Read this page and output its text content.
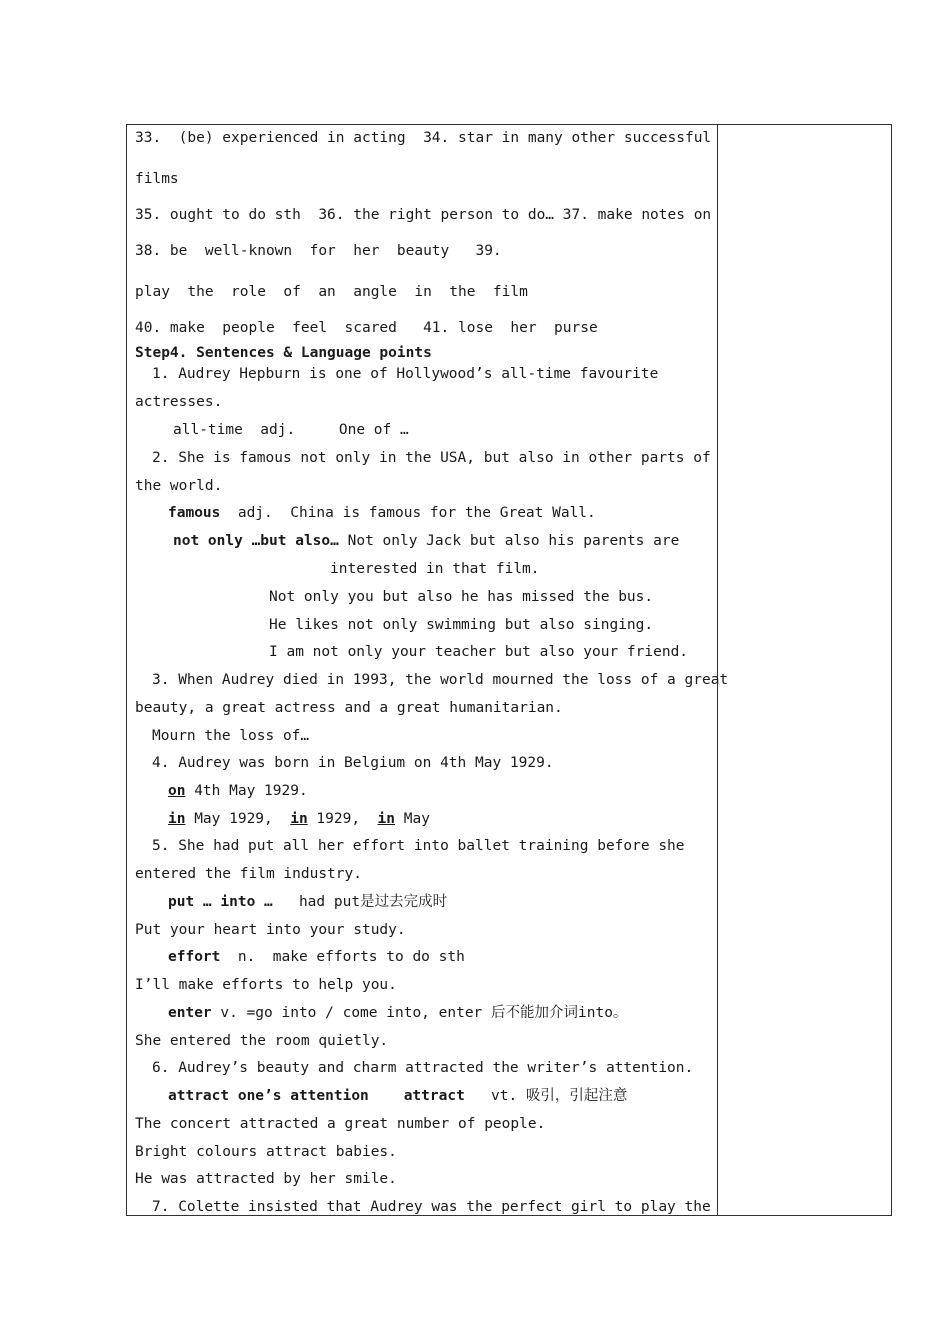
33.  (be) experienced in acting  34. star in many other successful
films
35. ought to do sth  36. the right person to do… 37. make notes on
38. be  well-known  for  her  beauty   39.
play  the  role  of  an  angle  in  the  film
40. make  people  feel  scared   41. lose  her  purse
Step4. Sentences & Language points
1. Audrey Hepburn is one of Hollywood’s all-time favourite
actresses.
all-time  adj.     One of …
2. She is famous not only in the USA, but also in other parts of
the world.
famous  adj.  China is famous for the Great Wall.
not only …but also… Not only Jack but also his parents are
interested in that film.
Not only you but also he has missed the bus.
He likes not only swimming but also singing.
I am not only your teacher but also your friend.
3. When Audrey died in 1993, the world mourned the loss of a great
beauty, a great actress and a great humanitarian.
Mourn the loss of…
4. Audrey was born in Belgium on 4th May 1929.
on 4th May 1929.
in May 1929,  in 1929,  in May
5. She had put all her effort into ballet training before she
entered the film industry.
put … into …   had put是过去完成时
Put your heart into your study.
effort  n.  make efforts to do sth
I’ll make efforts to help you.
enter v. =go into / come into, enter 后不能加介词into。
She entered the room quietly.
6. Audrey’s beauty and charm attracted the writer’s attention.
attract one’s attention    attract   vt. 吸引，引起注意
The concert attracted a great number of people.
Bright colours attract babies.
He was attracted by her smile.
7. Colette insisted that Audrey was the perfect girl to play the
